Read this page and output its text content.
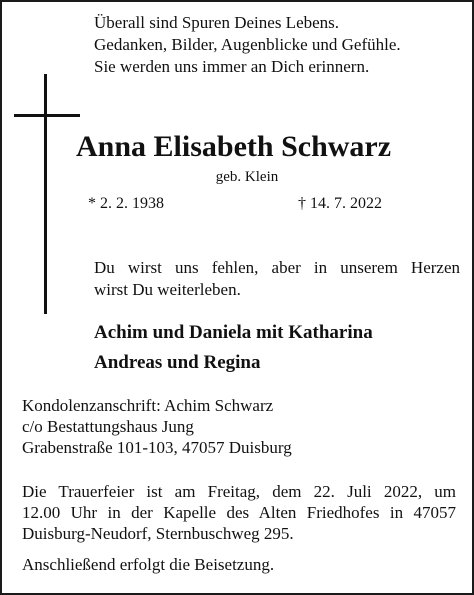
Überall sind Spuren Deines Lebens.
Gedanken, Bilder, Augenblicke und Gefühle.
Sie werden uns immer an Dich erinnern.
Anna Elisabeth Schwarz
geb. Klein
* 2. 2. 1938	† 14. 7. 2022
Du wirst uns fehlen, aber in unserem Herzen
wirst Du weiterleben.
Achim und Daniela mit Katharina
Andreas und Regina
Kondolenzanschrift: Achim Schwarz
c/o Bestattungshaus Jung
Grabenstraße 101-103, 47057 Duisburg
Die Trauerfeier ist am Freitag, dem 22. Juli 2022, um
12.00 Uhr in der Kapelle des Alten Friedhofes in 47057
Duisburg-Neudorf, Sternbuschweg 295.
Anschließend erfolgt die Beisetzung.
